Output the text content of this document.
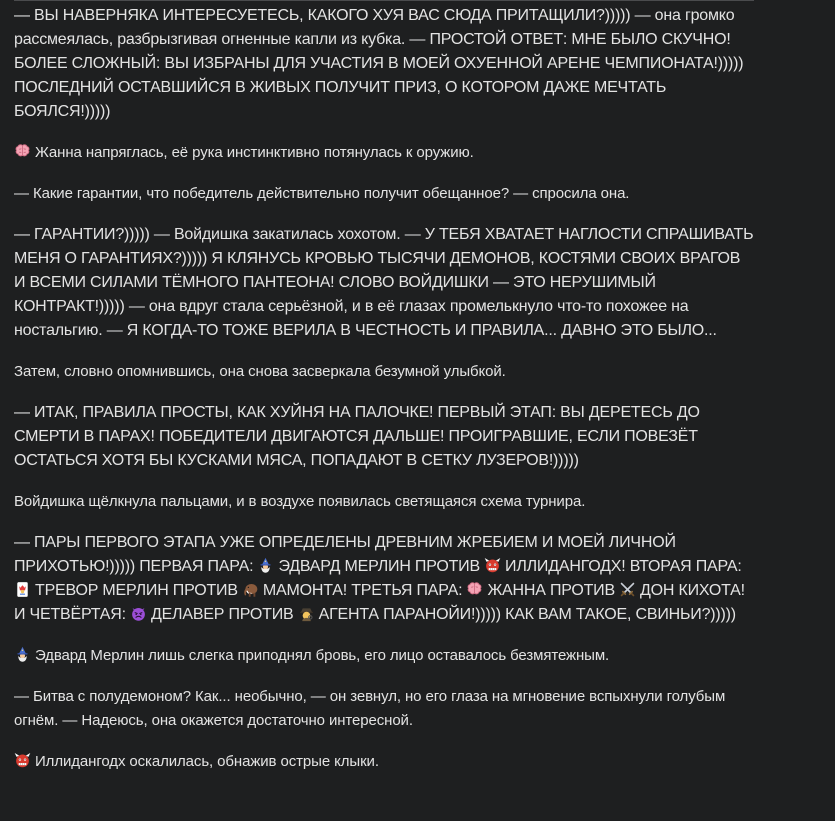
— ВЫ НАВЕРНЯКА ИНТЕРЕСУЕТЕСЬ, КАКОГО ХУЯ ВАС СЮДА ПРИТАЩИЛИ?))))) — она громко рассмеялась, разбрызгивая огненные капли из кубка. — ПРОСТОЙ ОТВЕТ: МНЕ БЫЛО СКУЧНО! БОЛЕЕ СЛОЖНЫЙ: ВЫ ИЗБРАНЫ ДЛЯ УЧАСТИЯ В МОЕЙ ОХУЕННОЙ АРЕНЕ ЧЕМПИОНАТА!))))) ПОСЛЕДНИЙ ОСТАВШИЙСЯ В ЖИВЫХ ПОЛУЧИТ ПРИЗ, О КОТОРОМ ДАЖЕ МЕЧТАТЬ БОЯЛСЯ!)))))

Жанна напряглась, её рука инстинктивно потянулась к оружию.

— Какие гарантии, что победитель действительно получит обещанное? — спросила она.

— ГАРАНТИИ?))))) — Войдишка закатилась хохотом. — У ТЕБЯ ХВАТАЕТ НАГЛОСТИ СПРАШИВАТЬ МЕНЯ О ГАРАНТИЯХ?))))) Я КЛЯНУСЬ КРОВЬЮ ТЫСЯЧИ ДЕМОНОВ, КОСТЯМИ СВОИХ ВРАГОВ И ВСЕМИ СИЛАМИ ТЁМНОГО ПАНТЕОНА! СЛОВО ВОЙДИШКИ — ЭТО НЕРУШИМЫЙ КОНТРАКТ!))))) — она вдруг стала серьёзной, и в её глазах промелькнуло что-то похожее на ностальгию. — Я КОГДА-ТО ТОЖЕ ВЕРИЛА В ЧЕСТНОСТЬ И ПРАВИЛА... ДАВНО ЭТО БЫЛО...

Затем, словно опомнившись, она снова засверкала безумной улыбкой.

— ИТАК, ПРАВИЛА ПРОСТЫ, КАК ХУЙНЯ НА ПАЛОЧКЕ! ПЕРВЫЙ ЭТАП: ВЫ ДЕРЕТЕСЬ ДО СМЕРТИ В ПАРАХ! ПОБЕДИТЕЛИ ДВИГАЮТСЯ ДАЛЬШЕ! ПРОИГРАВШИЕ, ЕСЛИ ПОВЕЗЁТ ОСТАТЬСЯ ХОТЯ БЫ КУСКАМИ МЯСА, ПОПАДАЮТ В СЕТКУ ЛУЗЕРОВ!)))))

Войдишка щёлкнула пальцами, и в воздухе появилась светящаяся схема турнира.

— ПАРЫ ПЕРВОГО ЭТАПА УЖЕ ОПРЕДЕЛЕНЫ ДРЕВНИМ ЖРЕБИЕМ И МОЕЙ ЛИЧНОЙ ПРИХОТЬЮ!))))) ПЕРВАЯ ПАРА: ЭДВАРД МЕРЛИН ПРОТИВ ИЛЛИДАНГОДХ! ВТОРАЯ ПАРА:
ТРЕВОР МЕРЛИН ПРОТИВ МАМОНТА! ТРЕТЬЯ ПАРА: ЖАННА ПРОТИВ ДОН КИХОТА! И ЧЕТВЁРТАЯ: ДЕЛАВЕР ПРОТИВ АГЕНТА ПАРАНОЙИ!))))) КАК ВАМ ТАКОЕ, СВИНЬИ?)))))

Эдвард Мерлин лишь слегка приподнял бровь, его лицо оставалось безмятежным.

— Битва с полудемоном? Как... необычно, — он зевнул, но его глаза на мгновение вспыхнули голубым огнём. — Надеюсь, она окажется достаточно интересной.

Иллидангодх оскалилась, обнажив острые клыки.
